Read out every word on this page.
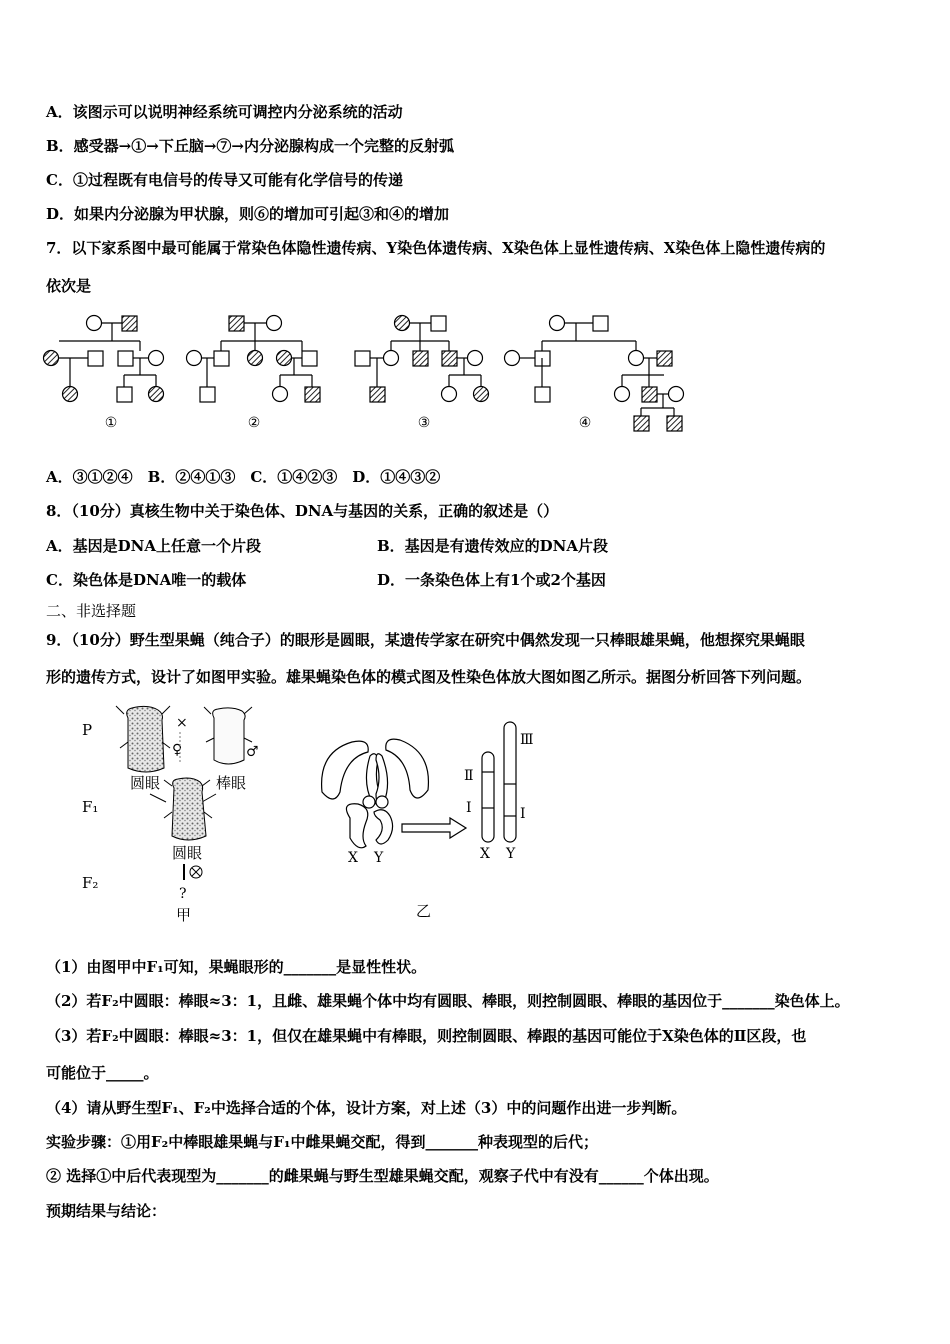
A．该图示可以说明神经系统可调控内分泌系统的活动
B．感受器→①→下丘脑→⑦→内分泌腺构成一个完整的反射弧
C．①过程既有电信号的传导又可能有化学信号的传递
D．如果内分泌腺为甲状腺，则⑥的增加可引起③和④的增加
7．以下家系图中最可能属于常染色体隐性遗传病、Y染色体遗传病、X染色体上显性遗传病、X染色体上隐性遗传病的
依次是
①	②	③	④
A．③①②④　B．②④①③　C．①④②③　D．①④③②
8．（10分）真核生物中关于染色体、DNA与基因的关系，正确的叙述是（）
A．基因是DNA上任意一个片段	B．基因是有遗传效应的DNA片段
C．染色体是DNA唯一的载体	D．一条染色体上有1个或2个基因
二、非选择题
9．（10分）野生型果蝇（纯合子）的眼形是圆眼，某遗传学家在研究中偶然发现一只棒眼雄果蝇，他想探究果蝇眼
形的遗传方式，设计了如图甲实验。雄果蝇染色体的模式图及性染色体放大图如图乙所示。据图分析回答下列问题。
P
F₁
F₂
×
♀	♂
圆眼	棒眼
圆眼
?
甲
X Y
Ⅱ
Ⅰ
Ⅲ
Ⅰ
X Y
乙
（1）由图甲中F₁可知，果蝇眼形的_______是显性性状。
（2）若F₂中圆眼：棒眼≈3：1，且雌、雄果蝇个体中均有圆眼、棒眼，则控制圆眼、棒眼的基因位于_______染色体上。
（3）若F₂中圆眼：棒眼≈3：1，但仅在雄果蝇中有棒眼，则控制圆眼、棒跟的基因可能位于X染色体的Ⅱ区段，也
可能位于_____。
（4）请从野生型F₁、F₂中选择合适的个体，设计方案，对上述（3）中的问题作出进一步判断。
实验步骤：①用F₂中棒眼雄果蝇与F₁中雌果蝇交配，得到_______种表现型的后代；
② 选择①中后代表现型为_______的雌果蝇与野生型雄果蝇交配，观察子代中有没有______个体出现。
预期结果与结论：
